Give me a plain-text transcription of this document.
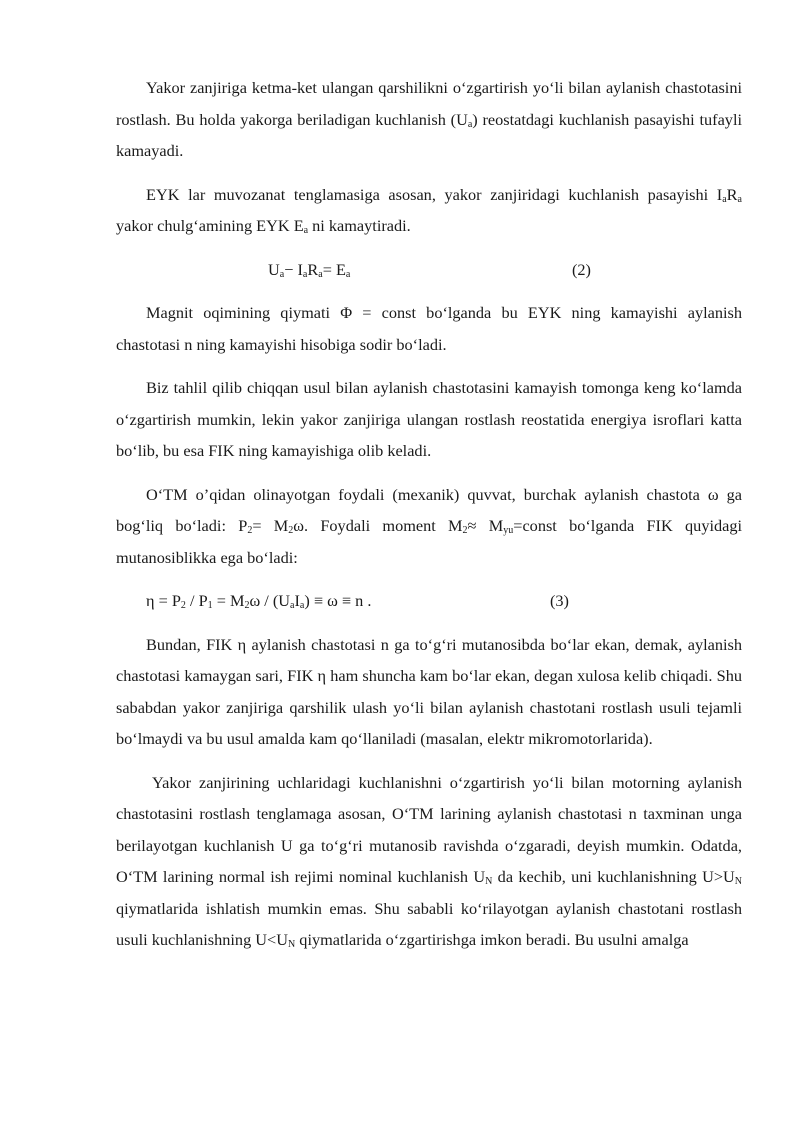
Yakor zanjiriga ketma-ket ulangan qarshilikni o‘zgartirish yo‘li bilan aylanish chastotasini rostlash. Bu holda yakorga beriladigan kuchlanish $(U_a)$ reostatdagi kuchlanish pasayishi tufayli kamayadi.

EYK lar muvozanat tenglamasiga asosan, yakor zanjiridagi kuchlanish pasayishi $I_aR_a$ yakor chulg‘amining EYK $E_a$ ni kamaytiradi.

$U_a- I_aR_a= E_a$	(2)

Magnit oqimining qiymati Φ = const bo‘lganda bu EYK ning kamayishi aylanish chastotasi n ning kamayishi hisobiga sodir bo‘ladi.

Biz tahlil qilib chiqqan usul bilan aylanish chastotasini kamayish tomonga keng ko‘lamda o‘zgartirish mumkin, lekin yakor zanjiriga ulangan rostlash reostatida energiya isroflari katta bo‘lib, bu esa FIK ning kamayishiga olib keladi.

O‘TM o’qidan olinayotgan foydali (mexanik) quvvat, burchak aylanish chastota ω ga bog‘liq bo‘ladi: $P_2= M_2\omega$. Foydali moment $M_2\approx$ $M_{yu}=const$ bo‘lganda FIK quyidagi mutanosiblikka ega bo‘ladi:

$\eta = P_2 / P_1 = M_2\omega / (U_aI_a) \equiv \omega \equiv n$ .	(3)

Bundan, FIK η aylanish chastotasi n ga to‘g‘ri mutanosibda bo‘lar ekan, demak, aylanish chastotasi kamaygan sari, FIK η ham shuncha kam bo‘lar ekan, degan xulosa kelib chiqadi. Shu sababdan yakor zanjiriga qarshilik ulash yo‘li bilan aylanish chastotani rostlash usuli tejamli bo‘lmaydi va bu usul amalda kam qo‘llaniladi (masalan, elektr mikromotorlarida).

Yakor zanjirining uchlaridagi kuchlanishni o‘zgartirish yo‘li bilan motorning aylanish chastotasini rostlash tenglamaga asosan, O‘TM larining aylanish chastotasi n taxminan unga berilayotgan kuchlanish U ga to‘g‘ri mutanosib ravishda o‘zgaradi, deyish mumkin. Odatda, O‘TM larining normal ish rejimi nominal kuchlanish $U_N$ da kechib, uni kuchlanishning $U>U_N$ qiymatlarida ishlatish mumkin emas. Shu sababli ko‘rilayotgan aylanish chastotani rostlash usuli kuchlanishning $U<U_N$ qiymatlarida o‘zgartirishga imkon beradi. Bu usulni amalga
